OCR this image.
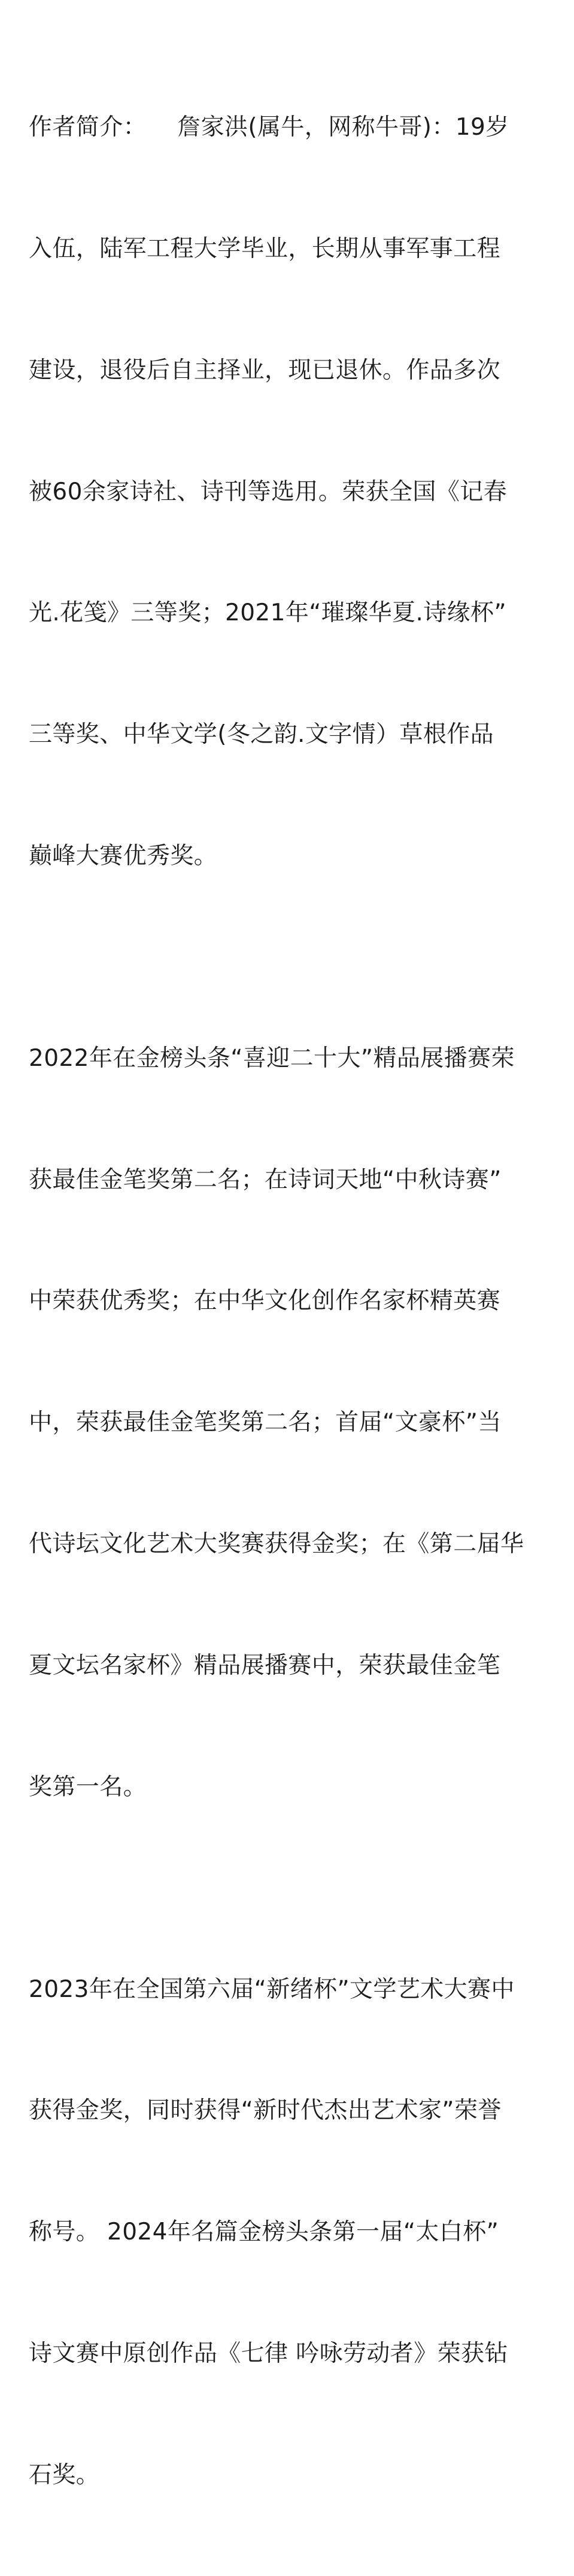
作者简介：    詹家洪(属牛，网称牛哥)：19岁

入伍，陆军工程大学毕业，长期从事军事工程

建设，退役后自主择业，现已退休。作品多次

被60余家诗社、诗刊等选用。荣获全国《记春

光.花笺》三等奖；2021年“璀璨华夏.诗缘杯”

三等奖、中华文学(冬之韵.文字情）草根作品

巅峰大赛优秀奖。

2022年在金榜头条“喜迎二十大”精品展播赛荣

获最佳金笔奖第二名；在诗词天地“中秋诗赛”

中荣获优秀奖；在中华文化创作名家杯精英赛

中，荣获最佳金笔奖第二名；首届“文豪杯”当

代诗坛文化艺术大奖赛获得金奖；在《第二届华

夏文坛名家杯》精品展播赛中，荣获最佳金笔

奖第一名。

2023年在全国第六届“新绪杯”文学艺术大赛中

获得金奖，同时获得“新时代杰出艺术家”荣誉

称号。 2024年名篇金榜头条第一届“太白杯”

诗文赛中原创作品《七律 吟咏劳动者》荣获钻

石奖。
